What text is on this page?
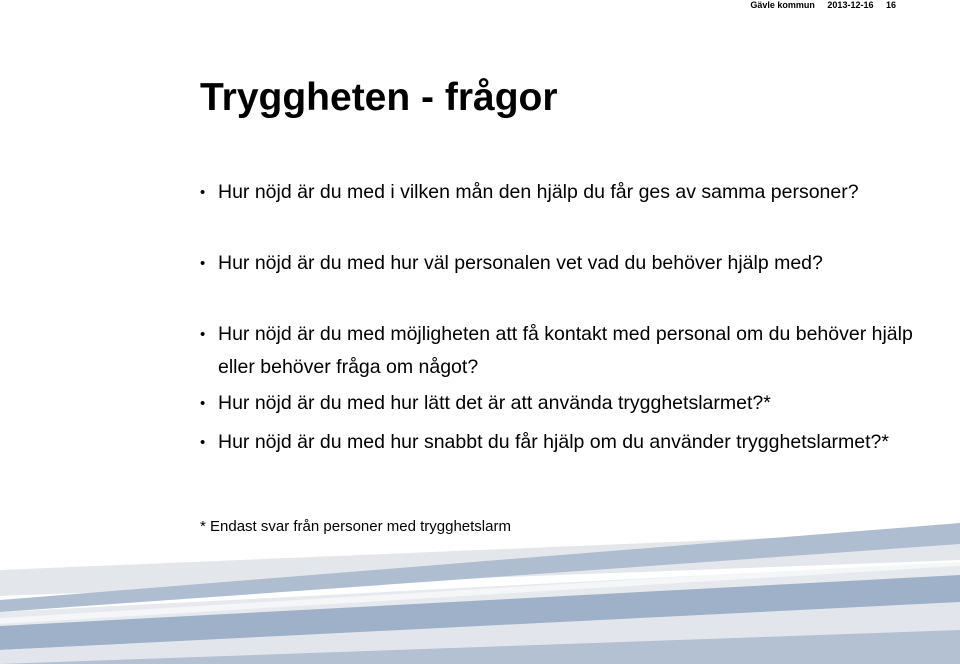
Gävle kommun 2013-12-16 16
Tryggheten - frågor
• Hur nöjd är du med i vilken mån den hjälp du får ges av samma personer?
• Hur nöjd är du med hur väl personalen vet vad du behöver hjälp med?
• Hur nöjd är du med möjligheten att få kontakt med personal om du behöver hjälp eller behöver fråga om något?
• Hur nöjd är du med hur lätt det är att använda trygghetslarmet?*
• Hur nöjd är du med hur snabbt du får hjälp om du använder trygghetslarmet?*
* Endast svar från personer med trygghetslarm
